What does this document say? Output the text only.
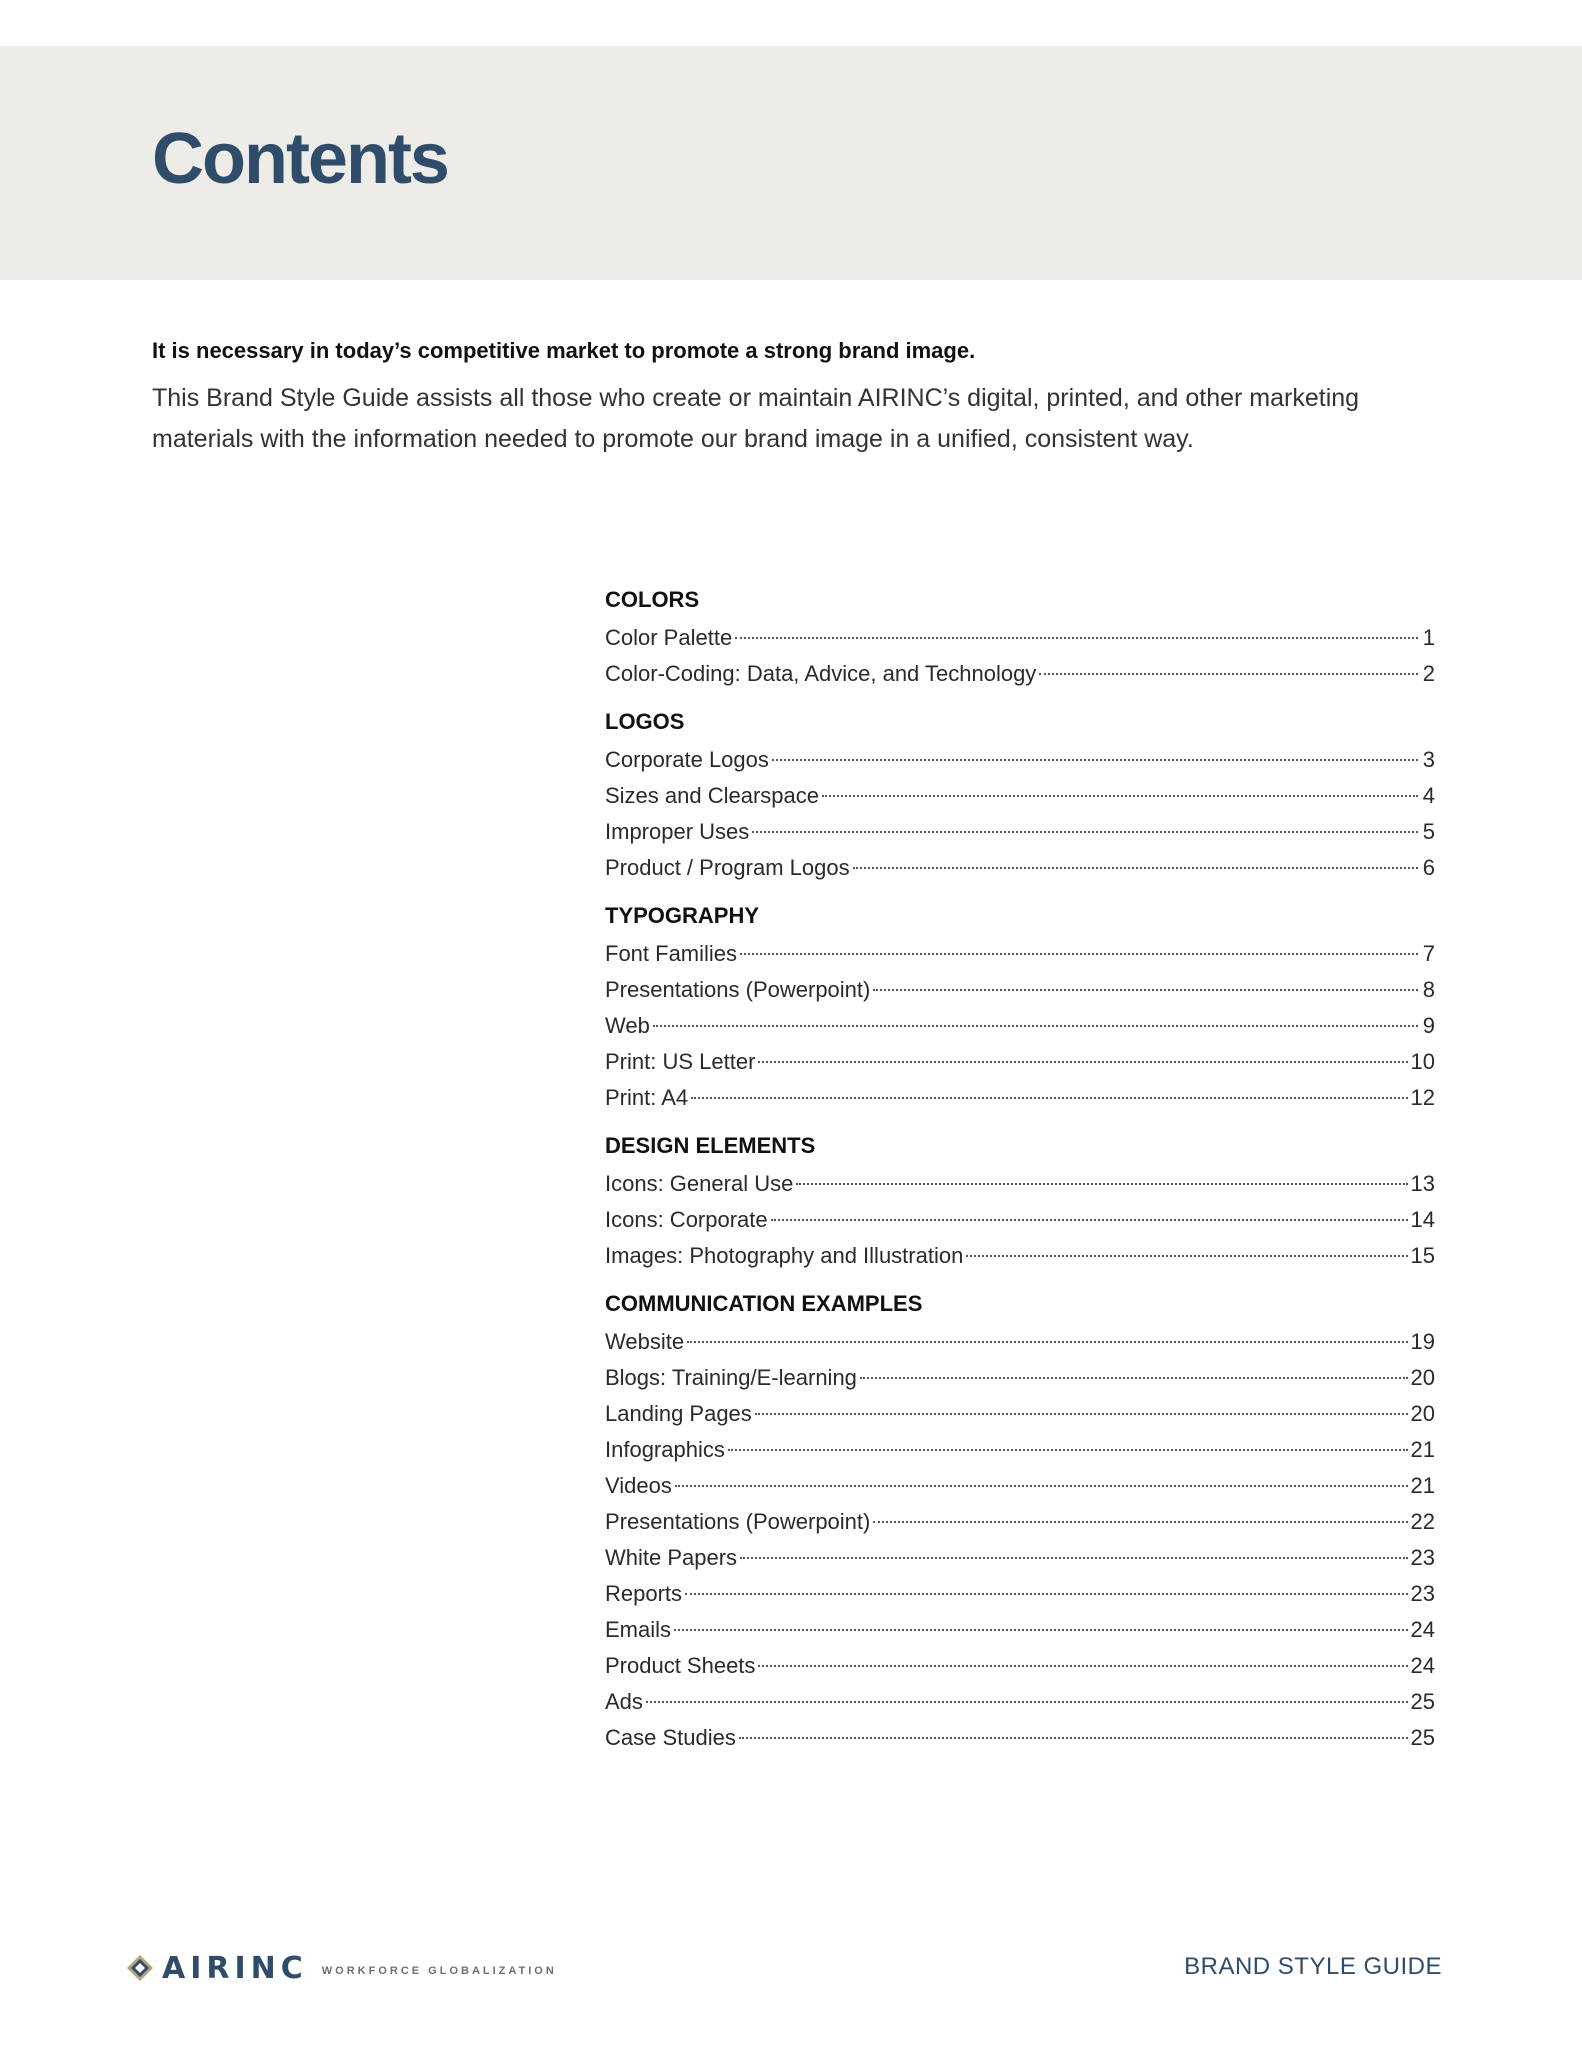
Contents

It is necessary in today’s competitive market to promote a strong brand image.

This Brand Style Guide assists all those who create or maintain AIRINC’s digital, printed, and other marketing materials with the information needed to promote our brand image in a unified, consistent way.

COLORS
Color Palette	1
Color-Coding: Data, Advice, and Technology	2
LOGOS
Corporate Logos	3
Sizes and Clearspace	4
Improper Uses	5
Product / Program Logos	6
TYPOGRAPHY
Font Families	7
Presentations (Powerpoint)	8
Web	9
Print: US Letter	10
Print: A4	12
DESIGN ELEMENTS
Icons: General Use	13
Icons: Corporate	14
Images: Photography and Illustration	15
COMMUNICATION EXAMPLES
Website	19
Blogs: Training/E-learning	20
Landing Pages	20
Infographics	21
Videos	21
Presentations (Powerpoint)	22
White Papers	23
Reports	23
Emails	24
Product Sheets	24
Ads	25
Case Studies	25
AIRINC WORKFORCE GLOBALIZATION	BRAND STYLE GUIDE
